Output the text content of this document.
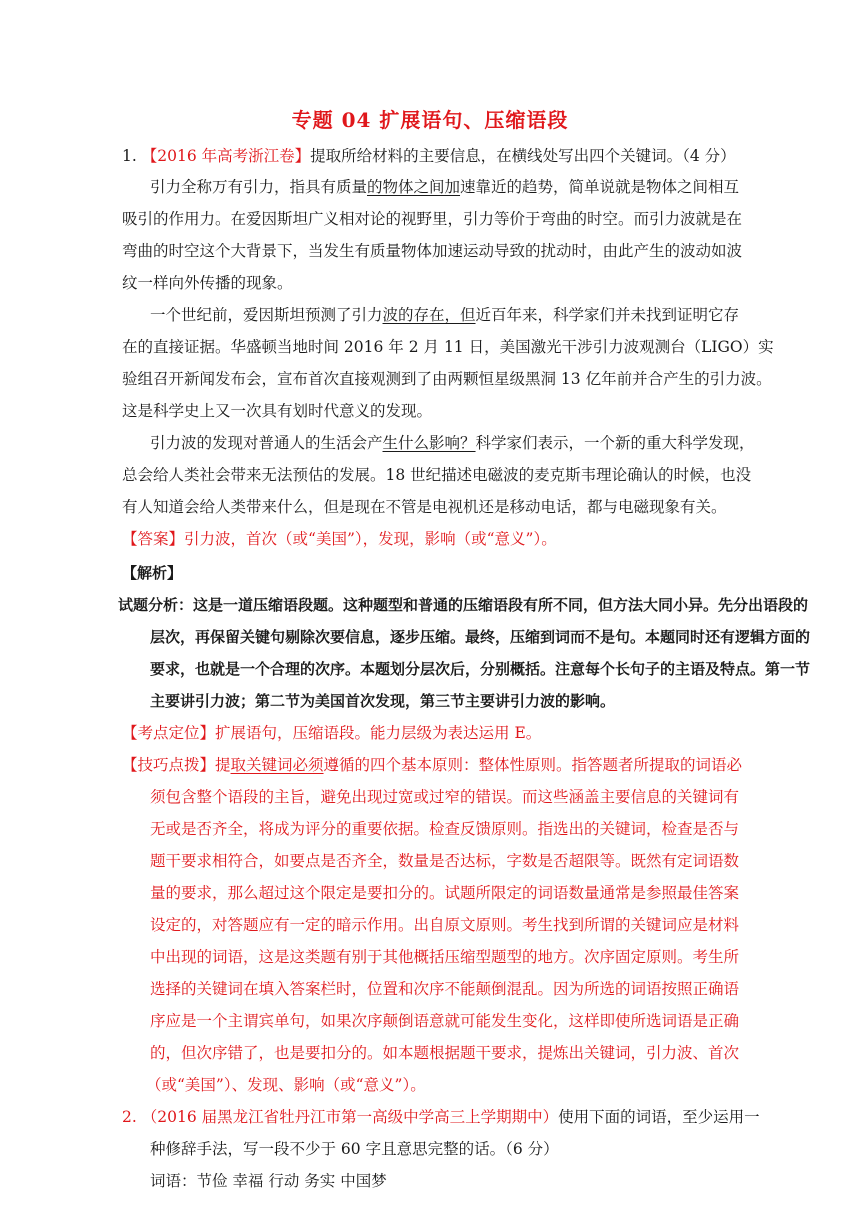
专题 04 扩展语句、压缩语段
1. 【2016 年高考浙江卷】提取所给材料的主要信息，在横线处写出四个关键词。（4 分）
引力全称万有引力，指具有质量的物体之间加速靠近的趋势，简单说就是物体之间相互
吸引的作用力。在爱因斯坦广义相对论的视野里，引力等价于弯曲的时空。而引力波就是在
弯曲的时空这个大背景下，当发生有质量物体加速运动导致的扰动时，由此产生的波动如波
纹一样向外传播的现象。
一个世纪前，爱因斯坦预测了引力波的存在，但近百年来，科学家们并未找到证明它存
在的直接证据。华盛顿当地时间 2016 年 2 月 11 日，美国激光干涉引力波观测台（LIGO）实
验组召开新闻发布会，宣布首次直接观测到了由两颗恒星级黑洞 13 亿年前并合产生的引力波。
这是科学史上又一次具有划时代意义的发现。
引力波的发现对普通人的生活会产生什么影响？科学家们表示，一个新的重大科学发现，
总会给人类社会带来无法预估的发展。18 世纪描述电磁波的麦克斯韦理论确认的时候，也没
有人知道会给人类带来什么，但是现在不管是电视机还是移动电话，都与电磁现象有关。
【答案】引力波，首次（或“美国”），发现，影响（或“意义”）。
【解析】
试题分析：这是一道压缩语段题。这种题型和普通的压缩语段有所不同，但方法大同小异。先分出语段的
层次，再保留关键句剔除次要信息，逐步压缩。最终，压缩到词而不是句。本题同时还有逻辑方面的
要求，也就是一个合理的次序。本题划分层次后，分别概括。注意每个长句子的主语及特点。第一节
主要讲引力波；第二节为美国首次发现，第三节主要讲引力波的影响。
【考点定位】扩展语句，压缩语段。能力层级为表达运用 E。
【技巧点拨】提取关键词必须遵循的四个基本原则：整体性原则。指答题者所提取的词语必
须包含整个语段的主旨，避免出现过宽或过窄的错误。而这些涵盖主要信息的关键词有
无或是否齐全，将成为评分的重要依据。检查反馈原则。指选出的关键词，检查是否与
题干要求相符合，如要点是否齐全，数量是否达标，字数是否超限等。既然有定词语数
量的要求，那么超过这个限定是要扣分的。试题所限定的词语数量通常是参照最佳答案
设定的，对答题应有一定的暗示作用。出自原文原则。考生找到所谓的关键词应是材料
中出现的词语，这是这类题有别于其他概括压缩型题型的地方。次序固定原则。考生所
选择的关键词在填入答案栏时，位置和次序不能颠倒混乱。因为所选的词语按照正确语
序应是一个主谓宾单句，如果次序颠倒语意就可能发生变化，这样即使所选词语是正确
的，但次序错了，也是要扣分的。如本题根据题干要求，提炼出关键词，引力波、首次
（或“美国”）、发现、影响（或“意义”）。
2. （2016 届黑龙江省牡丹江市第一高级中学高三上学期期中）使用下面的词语，至少运用一
种修辞手法，写一段不少于 60 字且意思完整的话。（6 分）
词语：节俭 幸福 行动 务实 中国梦
